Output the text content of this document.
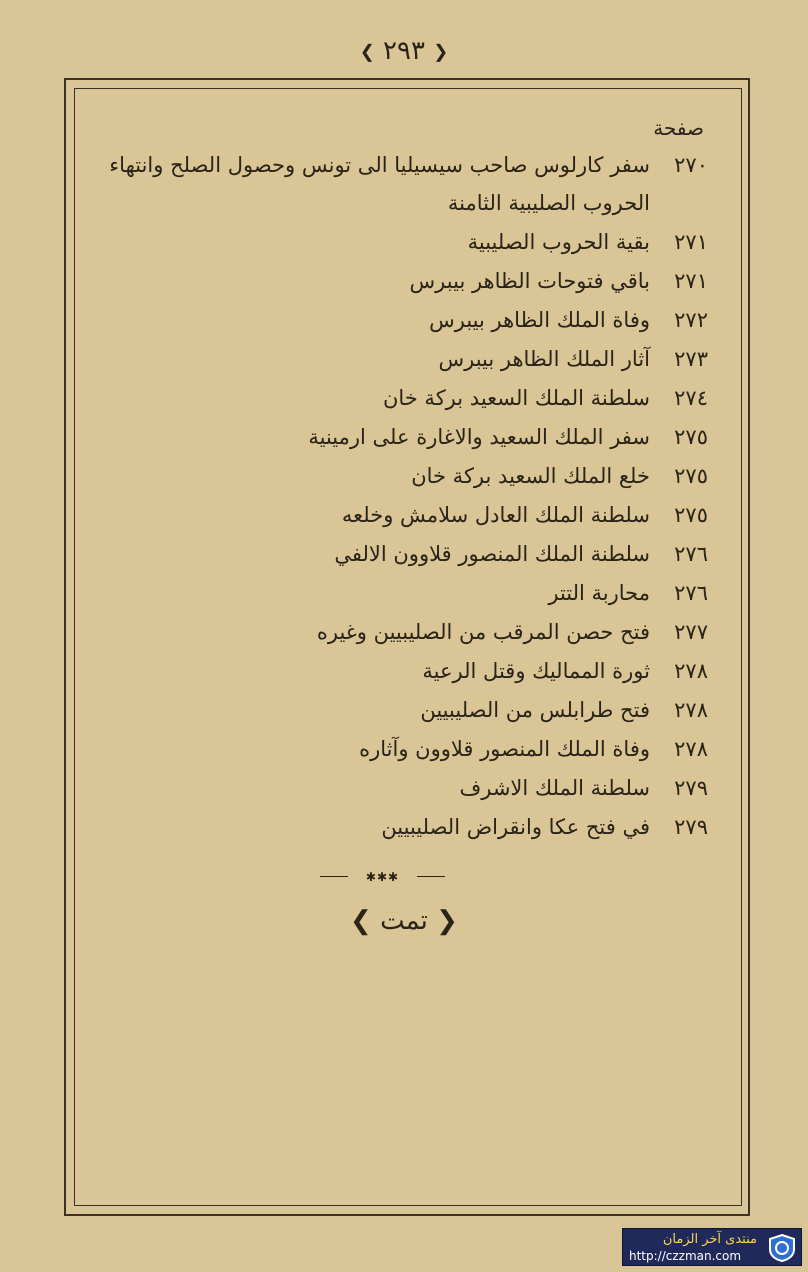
❮ ٢٩٣ ❯
صفحة
٢٧٠
سفر كارلوس صاحب سيسيليا الى تونس وحصول الصلح وانتهاء الحروب الصليبية الثامنة
٢٧١
بقية الحروب الصليبية
٢٧١
باقي فتوحات الظاهر بيبرس
٢٧٢
وفاة الملك الظاهر بيبرس
٢٧٣
آثار الملك الظاهر بيبرس
٢٧٤
سلطنة الملك السعيد بركة خان
٢٧٥
سفر الملك السعيد والاغارة على ارمينية
٢٧٥
خلع الملك السعيد بركة خان
٢٧٥
سلطنة الملك العادل سلامش وخلعه
٢٧٦
سلطنة الملك المنصور قلاوون الالفي
٢٧٦
محاربة التتر
٢٧٧
فتح حصن المرقب من الصليبيين وغيره
٢٧٨
ثورة المماليك وقتل الرعية
٢٧٨
فتح طرابلس من الصليبيين
٢٧٨
وفاة الملك المنصور قلاوون وآثاره
٢٧٩
سلطنة الملك الاشرف
٢٧٩
في فتح عكا وانقراض الصليبيين
✱✱✱
❮ تمت ❯
منتدى آخر الزمان
http://czzman.com
